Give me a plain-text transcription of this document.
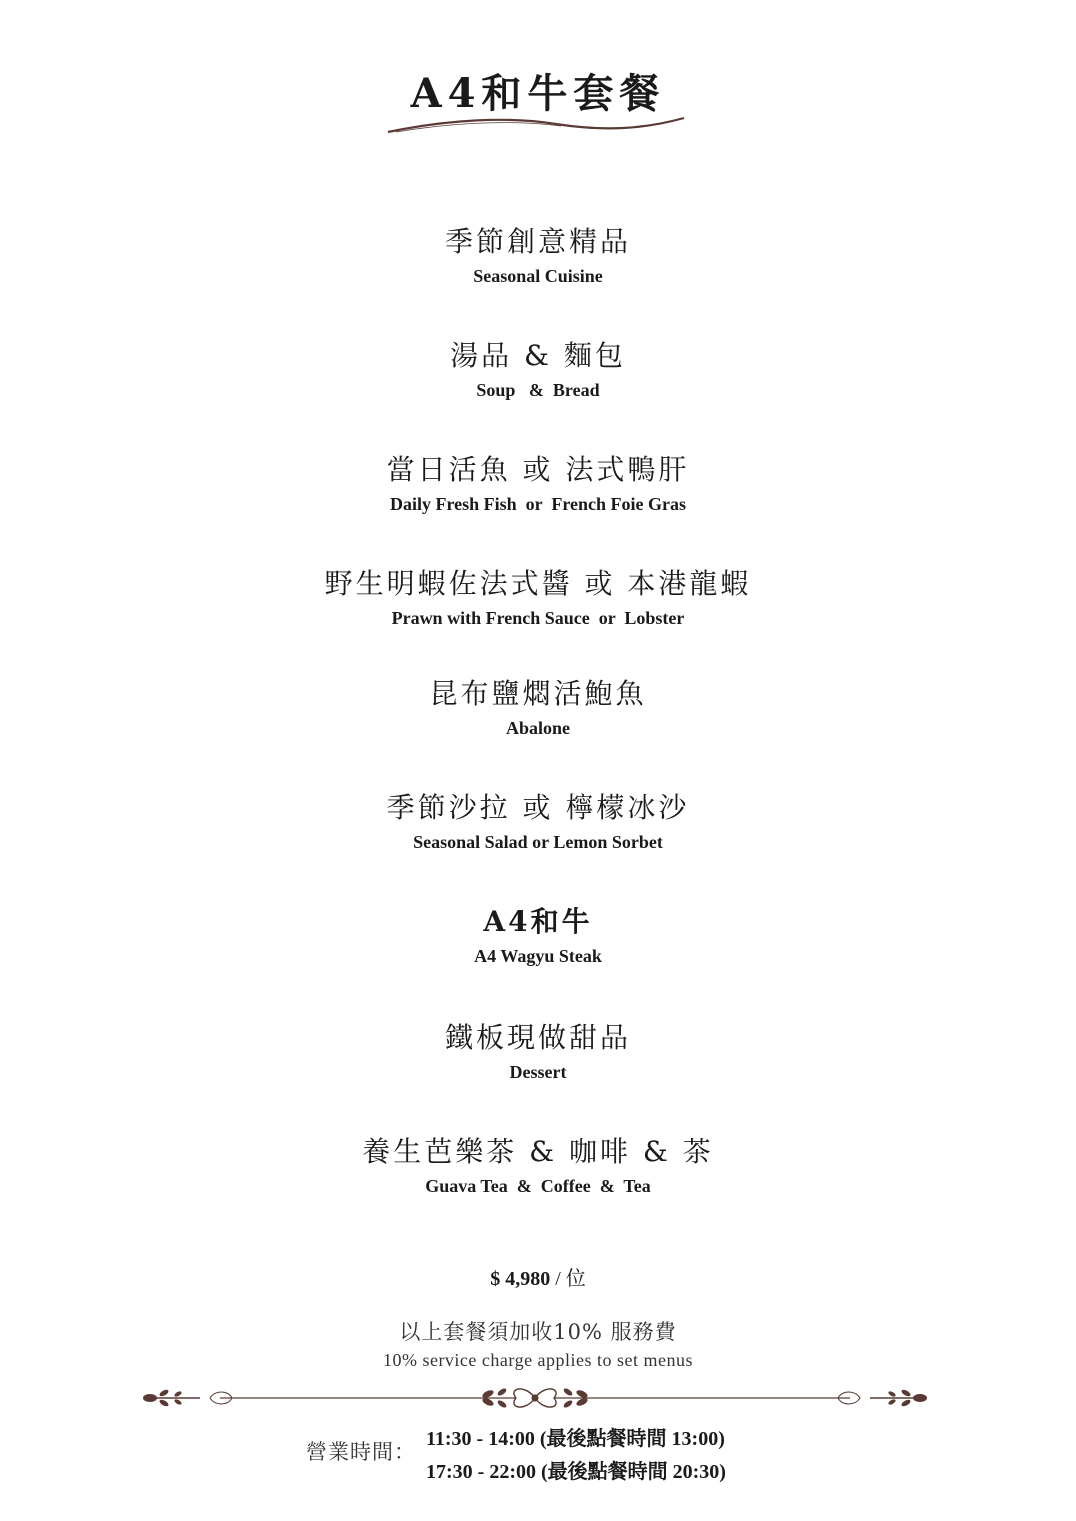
A4和牛套餐
季節創意精品
Seasonal Cuisine
湯品 & 麵包
Soup   &  Bread
當日活魚 或 法式鴨肝
Daily Fresh Fish  or  French Foie Gras
野生明蝦佐法式醬 或 本港龍蝦
Prawn with French Sauce  or  Lobster
昆布鹽燜活鮑魚
Abalone
季節沙拉 或 檸檬冰沙
Seasonal Salad or Lemon Sorbet
A4和牛
A4 Wagyu Steak
鐵板現做甜品
Dessert
養生芭樂茶 & 咖啡 & 茶
Guava Tea  &  Coffee  &  Tea
$ 4,980 / 位
以上套餐須加收10% 服務費
10% service charge applies to set menus
營業時間：
11:30 - 14:00 (最後點餐時間 13:00)
17:30 - 22:00 (最後點餐時間 20:30)
